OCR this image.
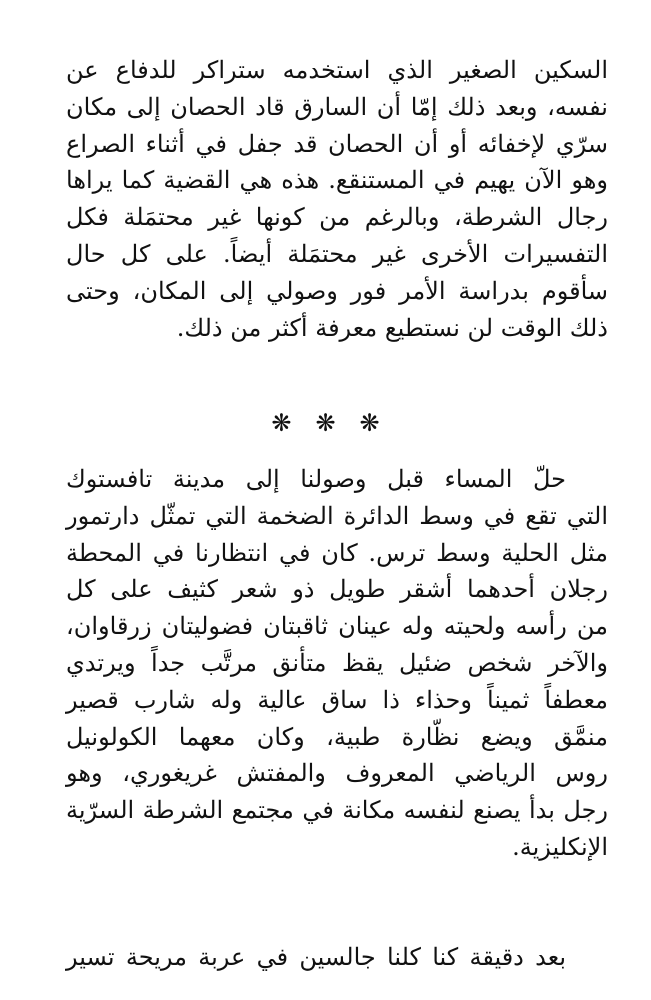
السكين الصغير الذي استخدمه ستراكر للدفاع عن
نفسه، وبعد ذلك إمّا أن السارق قاد الحصان إلى مكان
سرّي لإخفائه أو أن الحصان قد جفل في أثناء الصراع
وهو الآن يهيم في المستنقع. هذه هي القضية كما يراها
رجال الشرطة، وبالرغم من كونها غير محتمَلة فكل
التفسيرات الأخرى غير محتمَلة أيضاً. على كل حال
سأقوم بدراسة الأمر فور وصولي إلى المكان، وحتى
ذلك الوقت لن نستطيع معرفة أكثر من ذلك.

❋❋❋

حلّ المساء قبل وصولنا إلى مدينة تافستوك
التي تقع في وسط الدائرة الضخمة التي تمثّل دارتمور
مثل الحلية وسط ترس. كان في انتظارنا في المحطة
رجلان أحدهما أشقر طويل ذو شعر كثيف على كل
من رأسه ولحيته وله عينان ثاقبتان فضوليتان زرقاوان،
والآخر شخص ضئيل يقظ متأنق مرتَّب جداً ويرتدي
معطفاً ثميناً وحذاء ذا ساق عالية وله شارب قصير
منمَّق ويضع نظّارة طبية، وكان معهما الكولونيل
روس الرياضي المعروف والمفتش غريغوري، وهو
رجل بدأ يصنع لنفسه مكانة في مجتمع الشرطة السرّية
الإنكليزية.

بعد دقيقة كنا كلنا جالسين في عربة مريحة تسير
